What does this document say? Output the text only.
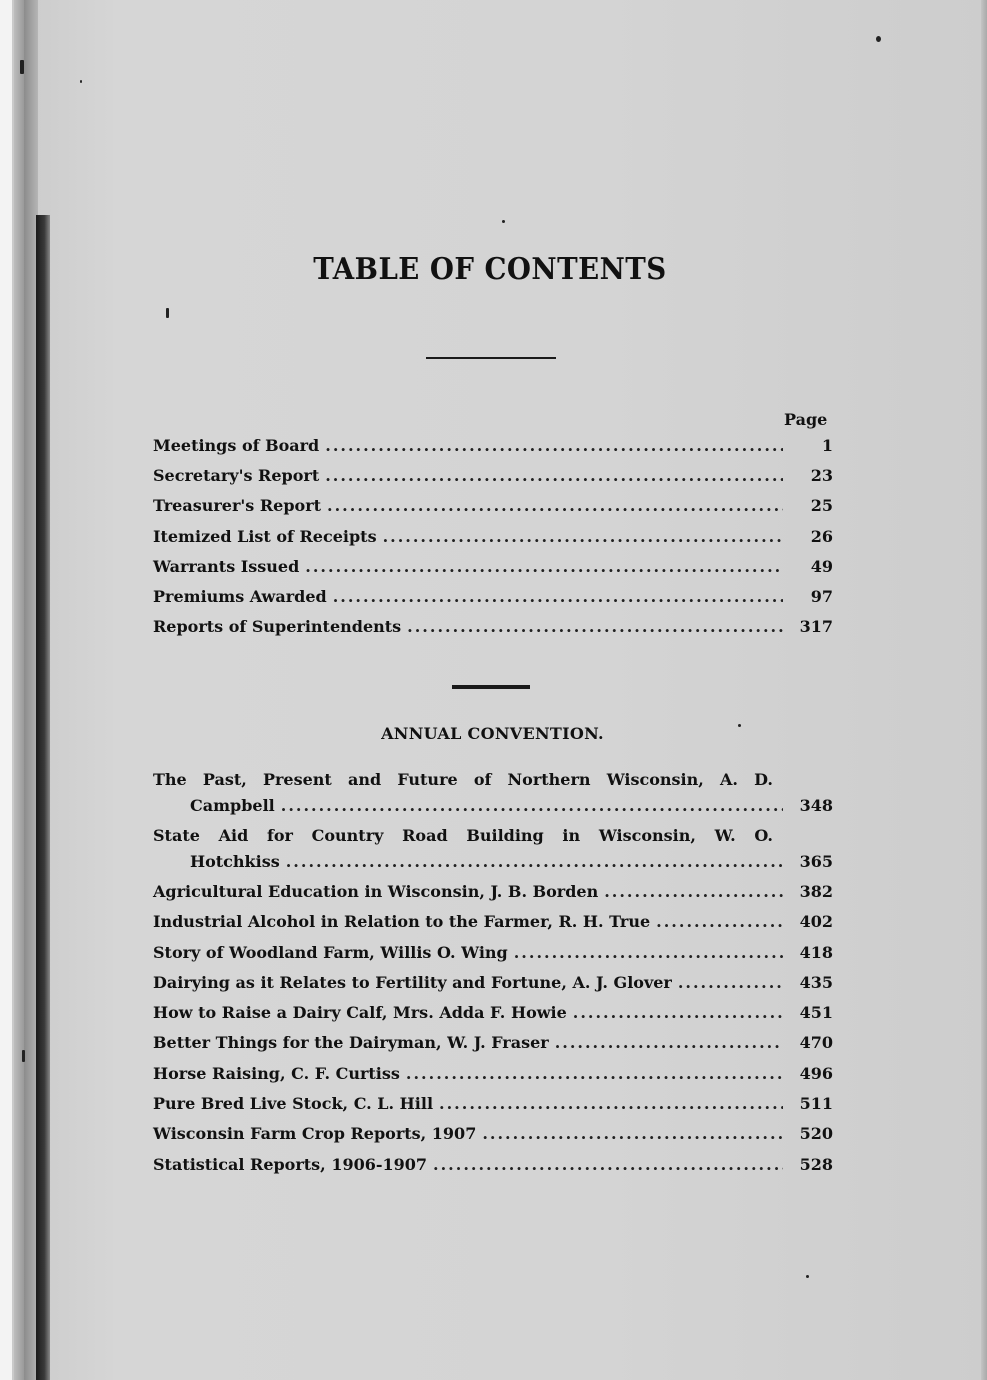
TABLE OF CONTENTS
Page
Meetings of Board .....	1
Secretary's Report .....	23
Treasurer's Report .....	25
Itemized List of Receipts .....	26
Warrants Issued .....	49
Premiums Awarded .....	97
Reports of Superintendents .....	317
ANNUAL CONVENTION.
The Past, Present and Future of Northern Wisconsin, A. D.
Campbell .....	348
State Aid for Country Road Building in Wisconsin, W. O.
Hotchkiss .....	365
Agricultural Education in Wisconsin, J. B. Borden .....	382
Industrial Alcohol in Relation to the Farmer, R. H. True .....	402
Story of Woodland Farm, Willis O. Wing .....	418
Dairying as it Relates to Fertility and Fortune, A. J. Glover .....	435
How to Raise a Dairy Calf, Mrs. Adda F. Howie .....	451
Better Things for the Dairyman, W. J. Fraser .....	470
Horse Raising, C. F. Curtiss .....	496
Pure Bred Live Stock, C. L. Hill .....	511
Wisconsin Farm Crop Reports, 1907 .....	520
Statistical Reports, 1906-1907 .....	528
